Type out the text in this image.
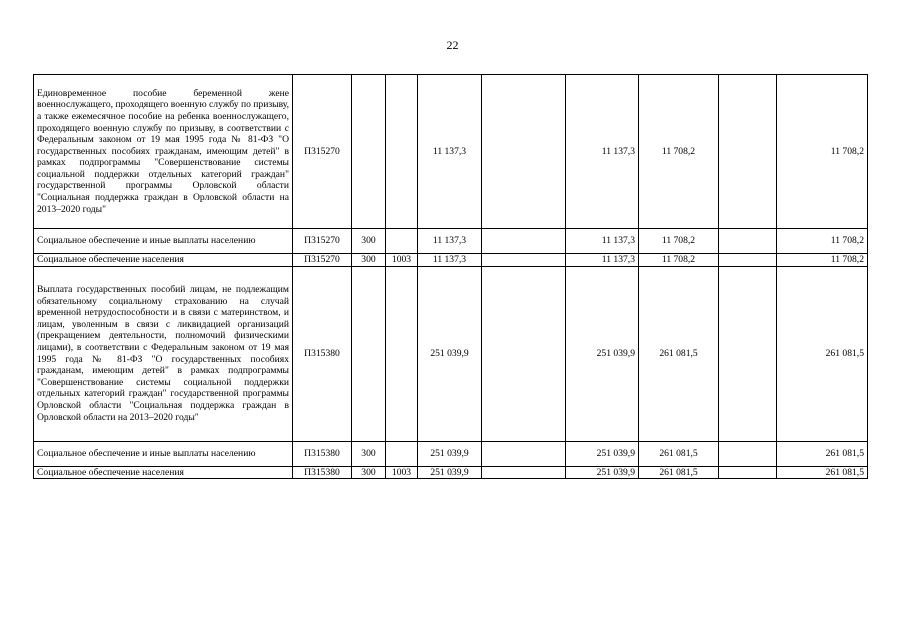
22
Единовременное пособие беременной жене военнослужащего, проходящего военную службу по призыву, а также ежемесячное пособие на ребенка военнослужащего, проходящего военную службу по призыву, в соответствии с Федеральным законом от 19 мая 1995 года № 81-ФЗ "О государственных пособиях гражданам, имеющим детей" в рамках подпрограммы "Совершенствование системы социальной поддержки отдельных категорий граждан" государственной программы Орловской области "Социальная поддержка граждан в Орловской области на 2013–2020 годы"	П315270			11 137,3		11 137,3	11 708,2		11 708,2
Социальное обеспечение и иные выплаты населению	П315270	300		11 137,3		11 137,3	11 708,2		11 708,2
Социальное обеспечение населения	П315270	300	1003	11 137,3		11 137,3	11 708,2		11 708,2
Выплата государственных пособий лицам, не подлежащим обязательному социальному страхованию на случай временной нетрудоспособности и в связи с материнством, и лицам, уволенным в связи с ликвидацией организаций (прекращением деятельности, полномочий физическими лицами), в соответствии с Федеральным законом от 19 мая 1995 года № 81-ФЗ "О государственных пособиях гражданам, имеющим детей" в рамках подпрограммы "Совершенствование системы социальной поддержки отдельных категорий граждан" государственной программы Орловской области "Социальная поддержка граждан в Орловской области на 2013–2020 годы"	П315380			251 039,9		251 039,9	261 081,5		261 081,5
Социальное обеспечение и иные выплаты населению	П315380	300		251 039,9		251 039,9	261 081,5		261 081,5
Социальное обеспечение населения	П315380	300	1003	251 039,9		251 039,9	261 081,5		261 081,5
